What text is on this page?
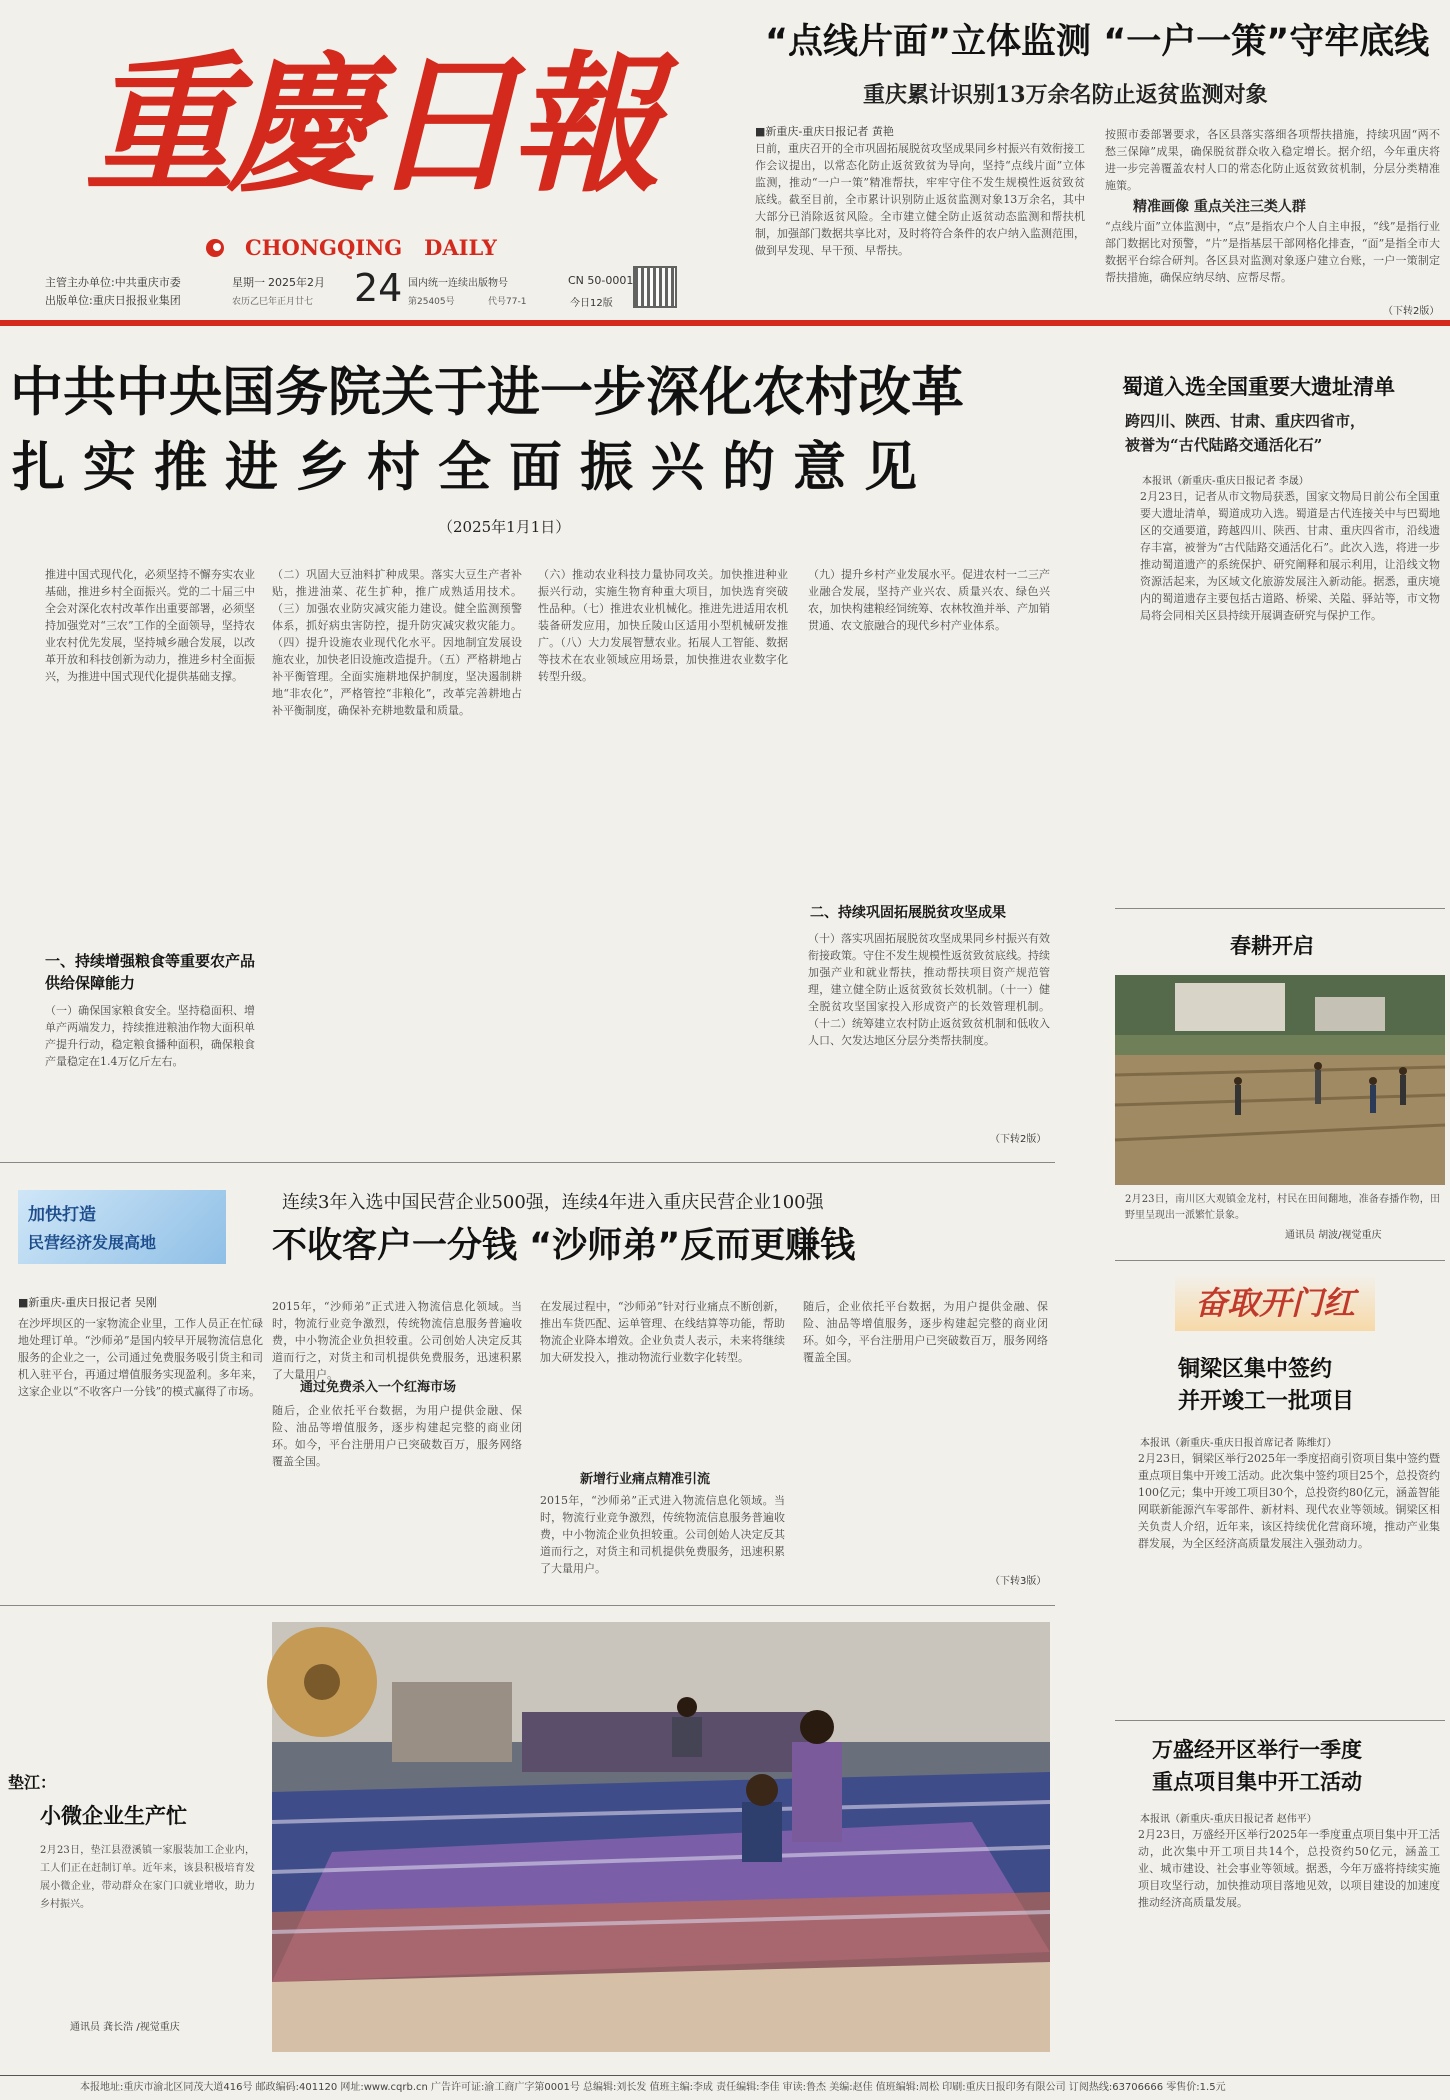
重慶日報
CHONGQING   DAILY
主管主办单位:中共重庆市委
出版单位:重庆日报报业集团
星期一 2025年2月
农历乙巳年正月廿七 24 国内统一连续出版物号	CN 50-0001
第25405号	代号77-1	今日12版
“点线片面”立体监测 “一户一策”守牢底线
重庆累计识别13万余名防止返贫监测对象
■新重庆-重庆日报记者 黄艳
日前，重庆召开的全市巩固拓展脱贫攻坚成果同乡村振兴有效衔接工作会议提出，以常态化防止返贫致贫为导向，坚持“点线片面”立体监测，推动“一户一策”精准帮扶，牢牢守住不发生规模性返贫致贫底线。截至目前，全市累计识别防止返贫监测对象13万余名，其中大部分已消除返贫风险。全市建立健全防止返贫动态监测和帮扶机制，加强部门数据共享比对，及时将符合条件的农户纳入监测范围，做到早发现、早干预、早帮扶。
按照市委部署要求，各区县落实落细各项帮扶措施，持续巩固“两不愁三保障”成果，确保脱贫群众收入稳定增长。据介绍，今年重庆将进一步完善覆盖农村人口的常态化防止返贫致贫机制，分层分类精准施策。
精准画像 重点关注三类人群
“点线片面”立体监测中，“点”是指农户个人自主申报，“线”是指行业部门数据比对预警，“片”是指基层干部网格化排查，“面”是指全市大数据平台综合研判。各区县对监测对象逐户建立台账，一户一策制定帮扶措施，确保应纳尽纳、应帮尽帮。
（下转2版）
中共中央国务院关于进一步深化农村改革
扎实推进乡村全面振兴的意见
（2025年1月1日）
推进中国式现代化，必须坚持不懈夯实农业基础，推进乡村全面振兴。党的二十届三中全会对深化农村改革作出重要部署，必须坚持加强党对“三农”工作的全面领导，坚持农业农村优先发展，坚持城乡融合发展，以改革开放和科技创新为动力，推进乡村全面振兴，为推进中国式现代化提供基础支撑。
一、持续增强粮食等重要农产品供给保障能力
（一）确保国家粮食安全。坚持稳面积、增单产两端发力，持续推进粮油作物大面积单产提升行动，稳定粮食播种面积，确保粮食产量稳定在1.4万亿斤左右。
（二）巩固大豆油料扩种成果。落实大豆生产者补贴，推进油菜、花生扩种，推广成熟适用技术。（三）加强农业防灾减灾能力建设。健全监测预警体系，抓好病虫害防控，提升防灾减灾救灾能力。（四）提升设施农业现代化水平。因地制宜发展设施农业，加快老旧设施改造提升。（五）严格耕地占补平衡管理。全面实施耕地保护制度，坚决遏制耕地“非农化”，严格管控“非粮化”，改革完善耕地占补平衡制度，确保补充耕地数量和质量。
（六）推动农业科技力量协同攻关。加快推进种业振兴行动，实施生物育种重大项目，加快选育突破性品种。（七）推进农业机械化。推进先进适用农机装备研发应用，加快丘陵山区适用小型机械研发推广。（八）大力发展智慧农业。拓展人工智能、数据等技术在农业领域应用场景，加快推进农业数字化转型升级。
（九）提升乡村产业发展水平。促进农村一二三产业融合发展，坚持产业兴农、质量兴农、绿色兴农，加快构建粮经饲统筹、农林牧渔并举、产加销贯通、农文旅融合的现代乡村产业体系。
二、持续巩固拓展脱贫攻坚成果
（十）落实巩固拓展脱贫攻坚成果同乡村振兴有效衔接政策。守住不发生规模性返贫致贫底线。持续加强产业和就业帮扶，推动帮扶项目资产规范管理，建立健全防止返贫致贫长效机制。（十一）健全脱贫攻坚国家投入形成资产的长效管理机制。（十二）统筹建立农村防止返贫致贫机制和低收入人口、欠发达地区分层分类帮扶制度。
（下转2版）
蜀道入选全国重要大遗址清单
跨四川、陕西、甘肃、重庆四省市，
被誉为“古代陆路交通活化石”
本报讯（新重庆-重庆日报记者 李晟）
2月23日，记者从市文物局获悉，国家文物局日前公布全国重要大遗址清单，蜀道成功入选。蜀道是古代连接关中与巴蜀地区的交通要道，跨越四川、陕西、甘肃、重庆四省市，沿线遗存丰富，被誉为“古代陆路交通活化石”。此次入选，将进一步推动蜀道遗产的系统保护、研究阐释和展示利用，让沿线文物资源活起来，为区域文化旅游发展注入新动能。据悉，重庆境内的蜀道遗存主要包括古道路、桥梁、关隘、驿站等，市文物局将会同相关区县持续开展调查研究与保护工作。
春耕开启
2月23日，南川区大观镇金龙村，村民在田间翻地，准备春播作物，田野里呈现出一派繁忙景象。
通讯员 胡波/视觉重庆
奋取开门红
铜梁区集中签约
并开竣工一批项目
本报讯（新重庆-重庆日报首席记者 陈维灯）
2月23日，铜梁区举行2025年一季度招商引资项目集中签约暨重点项目集中开竣工活动。此次集中签约项目25个，总投资约100亿元；集中开竣工项目30个，总投资约80亿元，涵盖智能网联新能源汽车零部件、新材料、现代农业等领域。铜梁区相关负责人介绍，近年来，该区持续优化营商环境，推动产业集群发展，为全区经济高质量发展注入强劲动力。
万盛经开区举行一季度
重点项目集中开工活动
本报讯（新重庆-重庆日报记者 赵伟平）
2月23日，万盛经开区举行2025年一季度重点项目集中开工活动，此次集中开工项目共14个，总投资约50亿元，涵盖工业、城市建设、社会事业等领域。据悉，今年万盛将持续实施项目攻坚行动，加快推动项目落地见效，以项目建设的加速度推动经济高质量发展。
加快打造
民营经济发展高地
连续3年入选中国民营企业500强，连续4年进入重庆民营企业100强
不收客户一分钱 “沙师弟”反而更赚钱
■新重庆-重庆日报记者 吴刚
在沙坪坝区的一家物流企业里，工作人员正在忙碌地处理订单。“沙师弟”是国内较早开展物流信息化服务的企业之一，公司通过免费服务吸引货主和司机入驻平台，再通过增值服务实现盈利。多年来，这家企业以“不收客户一分钱”的模式赢得了市场。
2015年，“沙师弟”正式进入物流信息化领域。当时，物流行业竞争激烈，传统物流信息服务普遍收费，中小物流企业负担较重。公司创始人决定反其道而行之，对货主和司机提供免费服务，迅速积累了大量用户。
通过免费杀入一个红海市场
随后，企业依托平台数据，为用户提供金融、保险、油品等增值服务，逐步构建起完整的商业闭环。如今，平台注册用户已突破数百万，服务网络覆盖全国。
在发展过程中，“沙师弟”针对行业痛点不断创新，推出车货匹配、运单管理、在线结算等功能，帮助物流企业降本增效。企业负责人表示，未来将继续加大研发投入，推动物流行业数字化转型。
新增行业痛点精准引流
2015年，“沙师弟”正式进入物流信息化领域。当时，物流行业竞争激烈，传统物流信息服务普遍收费，中小物流企业负担较重。公司创始人决定反其道而行之，对货主和司机提供免费服务，迅速积累了大量用户。
随后，企业依托平台数据，为用户提供金融、保险、油品等增值服务，逐步构建起完整的商业闭环。如今，平台注册用户已突破数百万，服务网络覆盖全国。
（下转3版）
垫江：
小微企业生产忙
2月23日，垫江县澄溪镇一家服装加工企业内，工人们正在赶制订单。近年来，该县积极培育发展小微企业，带动群众在家门口就业增收，助力乡村振兴。
通讯员 龚长浩 /视觉重庆
本报地址:重庆市渝北区同茂大道416号 邮政编码:401120 网址:www.cqrb.cn 广告许可证:渝工商广字第0001号 总编辑:刘长发 值班主编:李成 责任编辑:李佳 审读:鲁杰 美编:赵佳 值班编辑:周松 印刷:重庆日报印务有限公司 订阅热线:63706666 零售价:1.5元
